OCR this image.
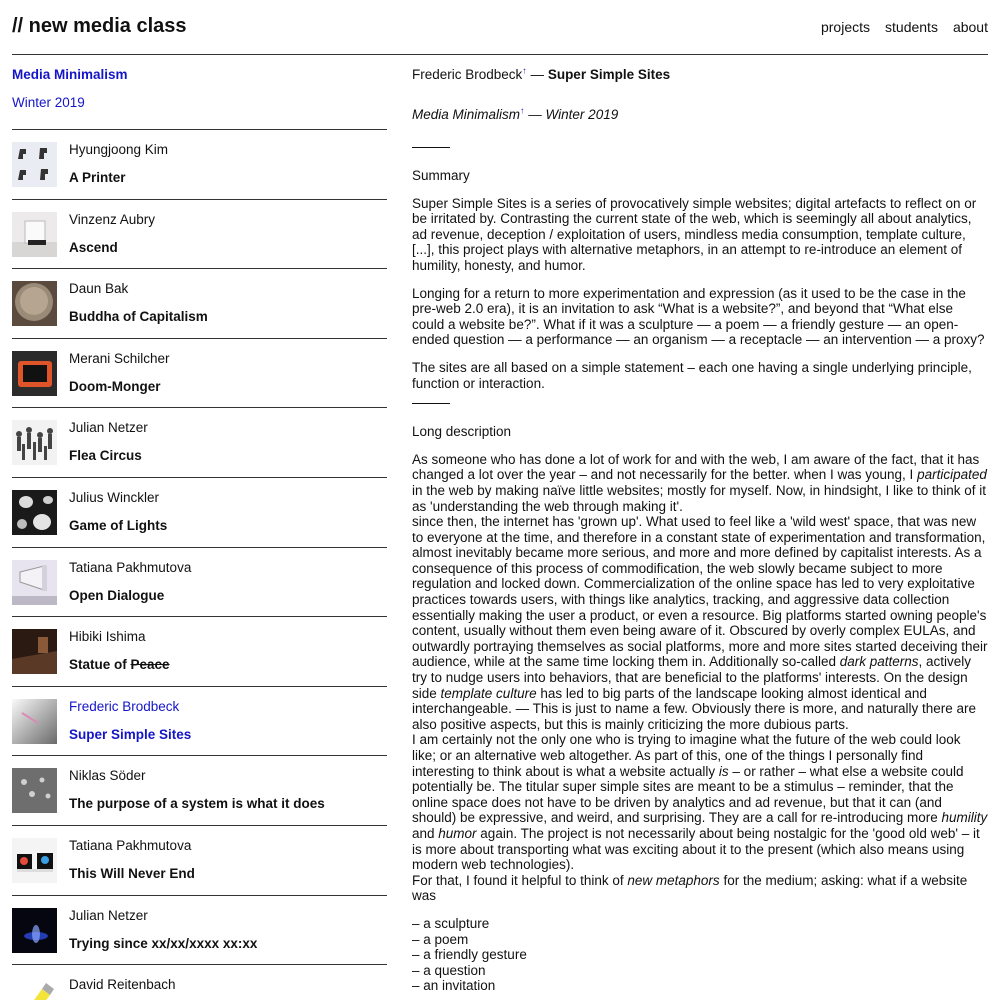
// new media class	projects students about
Media Minimalism
Winter 2019
Hyungjoong Kim
A Printer
Vinzenz Aubry
Ascend
Daun Bak
Buddha of Capitalism
Merani Schilcher
Doom-Monger
Julian Netzer
Flea Circus
Julius Winckler
Game of Lights
Tatiana Pakhmutova
Open Dialogue
Hibiki Ishima
Statue of Peace
Frederic Brodbeck
Super Simple Sites
Niklas Söder
The purpose of a system is what it does
Tatiana Pakhmutova
This Will Never End
Julian Netzer
Trying since xx/xx/xxxx xx:xx
David Reitenbach

Frederic Brodbeck↑ — Super Simple Sites

Media Minimalism↑ — Winter 2019

Summary

Super Simple Sites is a series of provocatively simple websites; digital artefacts to reflect on or be irritated by. Contrasting the current state of the web, which is seemingly all about analytics, ad revenue, deception / exploitation of users, mindless media consumption, template culture, [...], this project plays with alternative metaphors, in an attempt to re-introduce an element of humility, honesty, and humor.

Longing for a return to more experimentation and expression (as it used to be the case in the pre-web 2.0 era), it is an invitation to ask “What is a website?”, and beyond that “What else could a website be?”. What if it was a sculpture — a poem — a friendly gesture — an open-ended question — a performance — an organism — a receptacle — an intervention — a proxy?

The sites are all based on a simple statement – each one having a single underlying principle, function or interaction.

Long description

As someone who has done a lot of work for and with the web, I am aware of the fact, that it has changed a lot over the year – and not necessarily for the better. when I was young, I participated in the web by making naïve little websites; mostly for myself. Now, in hindsight, I like to think of it as 'understanding the web through making it'.

since then, the internet has 'grown up'. What used to feel like a 'wild west' space, that was new to everyone at the time, and therefore in a constant state of experimentation and transformation, almost inevitably became more serious, and more and more defined by capitalist interests. As a consequence of this process of commodification, the web slowly became subject to more regulation and locked down. Commercialization of the online space has led to very exploitative practices towards users, with things like analytics, tracking, and aggressive data collection essentially making the user a product, or even a resource. Big platforms started owning people's content, usually without them even being aware of it. Obscured by overly complex EULAs, and outwardly portraying themselves as social platforms, more and more sites started deceiving their audience, while at the same time locking them in. Additionally so-called dark patterns, actively try to nudge users into behaviors, that are beneficial to the platforms' interests. On the design side template culture has led to big parts of the landscape looking almost identical and interchangeable. — This is just to name a few. Obviously there is more, and naturally there are also positive aspects, but this is mainly criticizing the more dubious parts.

I am certainly not the only one who is trying to imagine what the future of the web could look like; or an alternative web altogether. As part of this, one of the things I personally find interesting to think about is what a website actually is – or rather – what else a website could potentially be. The titular super simple sites are meant to be a stimulus – reminder, that the online space does not have to be driven by analytics and ad revenue, but that it can (and should) be expressive, and weird, and surprising. They are a call for re-introducing more humility and humor again. The project is not necessarily about being nostalgic for the 'good old web' – it is more about transporting what was exciting about it to the present (which also means using modern web technologies).

For that, I found it helpful to think of new metaphors for the medium; asking: what if a website was

– a sculpture
– a poem
– a friendly gesture
– a question
– an invitation
